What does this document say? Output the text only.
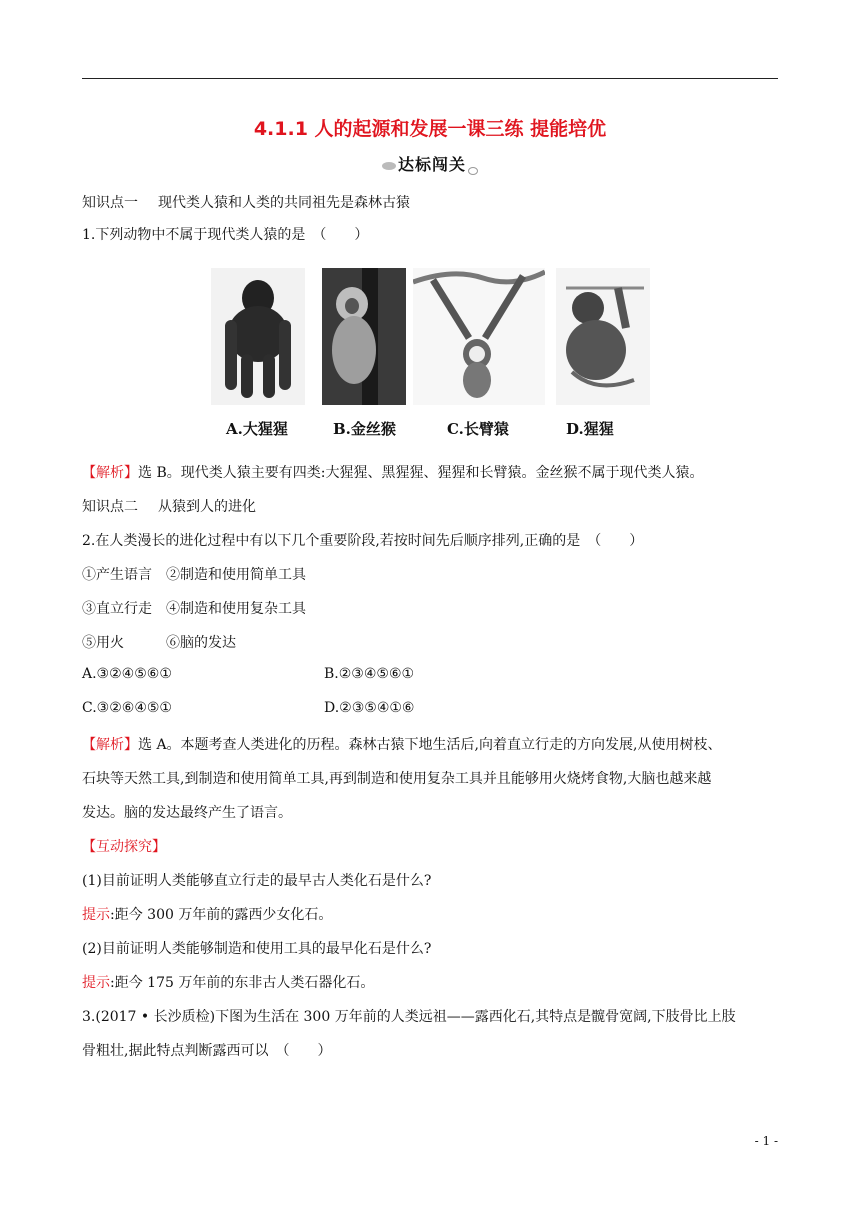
4.1.1 人的起源和发展一课三练 提能培优
达标闯关
知识点一 现代类人猿和人类的共同祖先是森林古猿
1.下列动物中不属于现代类人猿的是　（　　）
A.大猩猩	B.金丝猴	C.长臂猿	D.猩猩
【解析】选 B。现代类人猿主要有四类:大猩猩、黑猩猩、猩猩和长臂猿。金丝猴不属于现代类人猿。
知识点二 从猿到人的进化
2.在人类漫长的进化过程中有以下几个重要阶段,若按时间先后顺序排列,正确的是　（　　）
①产生语言　②制造和使用简单工具
③直立行走　④制造和使用复杂工具
⑤用火　　　⑥脑的发达
A.③②④⑤⑥①	B.②③④⑤⑥①
C.③②⑥④⑤①	D.②③⑤④①⑥
【解析】选 A。本题考查人类进化的历程。森林古猿下地生活后,向着直立行走的方向发展,从使用树枝、
石块等天然工具,到制造和使用简单工具,再到制造和使用复杂工具并且能够用火烧烤食物,大脑也越来越
发达。脑的发达最终产生了语言。
【互动探究】
(1)目前证明人类能够直立行走的最早古人类化石是什么?
提示:距今 300 万年前的露西少女化石。
(2)目前证明人类能够制造和使用工具的最早化石是什么?
提示:距今 175 万年前的东非古人类石器化石。
3.(2017 • 长沙质检)下图为生活在 300 万年前的人类远祖——露西化石,其特点是髋骨宽阔,下肢骨比上肢
骨粗壮,据此特点判断露西可以　（　　）
- 1 -
